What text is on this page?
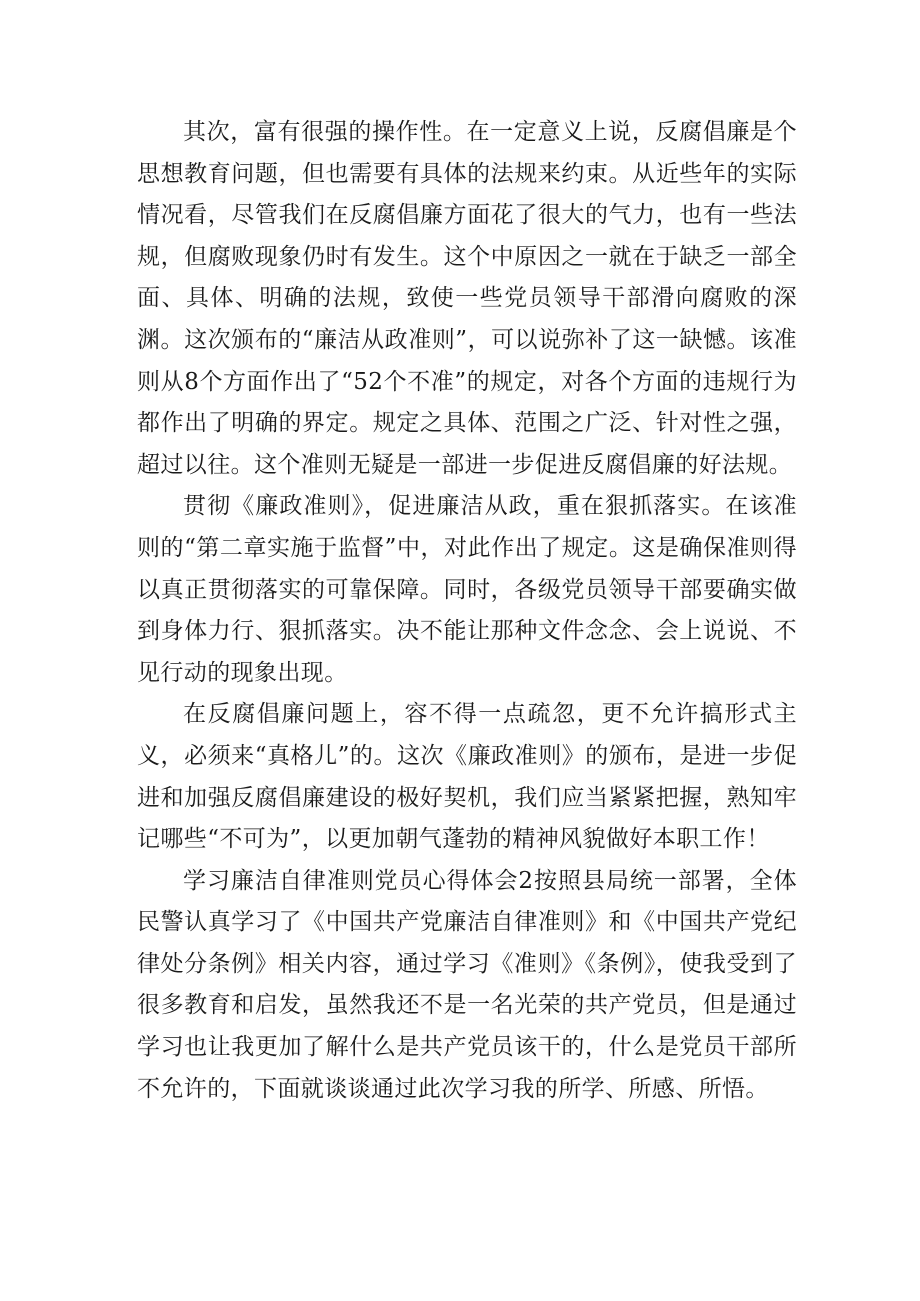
其次，富有很强的操作性。在一定意义上说，反腐倡廉是个思想教育问题，但也需要有具体的法规来约束。从近些年的实际情况看，尽管我们在反腐倡廉方面花了很大的气力，也有一些法规，但腐败现象仍时有发生。这个中原因之一就在于缺乏一部全面、具体、明确的法规，致使一些党员领导干部滑向腐败的深渊。这次颁布的“廉洁从政准则”，可以说弥补了这一缺憾。该准则从8个方面作出了“52个不准”的规定，对各个方面的违规行为都作出了明确的界定。规定之具体、范围之广泛、针对性之强，超过以往。这个准则无疑是一部进一步促进反腐倡廉的好法规。

贯彻《廉政准则》，促进廉洁从政，重在狠抓落实。在该准则的“第二章实施于监督”中，对此作出了规定。这是确保准则得以真正贯彻落实的可靠保障。同时，各级党员领导干部要确实做到身体力行、狠抓落实。决不能让那种文件念念、会上说说、不见行动的现象出现。

在反腐倡廉问题上，容不得一点疏忽，更不允许搞形式主义，必须来“真格儿”的。这次《廉政准则》的颁布，是进一步促进和加强反腐倡廉建设的极好契机，我们应当紧紧把握，熟知牢记哪些“不可为”，以更加朝气蓬勃的精神风貌做好本职工作！

学习廉洁自律准则党员心得体会2按照县局统一部署，全体民警认真学习了《中国共产党廉洁自律准则》和《中国共产党纪律处分条例》相关内容，通过学习《准则》《条例》，使我受到了很多教育和启发，虽然我还不是一名光荣的共产党员，但是通过学习也让我更加了解什么是共产党员该干的，什么是党员干部所不允许的，下面就谈谈通过此次学习我的所学、所感、所悟。
